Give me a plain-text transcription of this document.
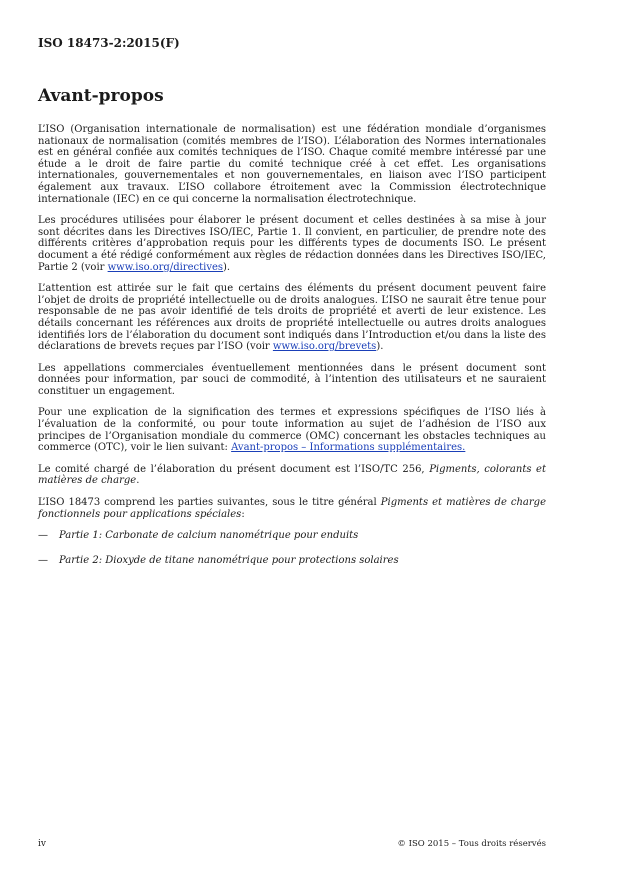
ISO 18473-2:2015(F)
Avant-propos

L’ISO (Organisation internationale de normalisation) est une fédération mondiale d’organismes nationaux de normalisation (comités membres de l’ISO). L’élaboration des Normes internationales est en général confiée aux comités techniques de l’ISO. Chaque comité membre intéressé par une étude a le droit de faire partie du comité technique créé à cet effet. Les organisations internationales, gouvernementales et non gouvernementales, en liaison avec l’ISO participent également aux travaux. L’ISO collabore étroitement avec la Commission électrotechnique internationale (IEC) en ce qui concerne la normalisation électrotechnique.

Les procédures utilisées pour élaborer le présent document et celles destinées à sa mise à jour sont décrites dans les Directives ISO/IEC, Partie 1. Il convient, en particulier, de prendre note des différents critères d’approbation requis pour les différents types de documents ISO. Le présent document a été rédigé conformément aux règles de rédaction données dans les Directives ISO/IEC, Partie 2 (voir www.iso.org/directives).

L’attention est attirée sur le fait que certains des éléments du présent document peuvent faire l’objet de droits de propriété intellectuelle ou de droits analogues. L’ISO ne saurait être tenue pour responsable de ne pas avoir identifié de tels droits de propriété et averti de leur existence. Les détails concernant les références aux droits de propriété intellectuelle ou autres droits analogues identifiés lors de l’élaboration du document sont indiqués dans l’Introduction et/ou dans la liste des déclarations de brevets reçues par l’ISO (voir www.iso.org/brevets).

Les appellations commerciales éventuellement mentionnées dans le présent document sont données pour information, par souci de commodité, à l’intention des utilisateurs et ne sauraient constituer un engagement.

Pour une explication de la signification des termes et expressions spécifiques de l’ISO liés à l’évaluation de la conformité, ou pour toute information au sujet de l’adhésion de l’ISO aux principes de l’Organisation mondiale du commerce (OMC) concernant les obstacles techniques au commerce (OTC), voir le lien suivant: Avant-propos – Informations supplémentaires.

Le comité chargé de l’élaboration du présent document est l’ISO/TC 256, Pigments, colorants et matières de charge.

L’ISO 18473 comprend les parties suivantes, sous le titre général Pigments et matières de charge fonctionnels pour applications spéciales:

—	Partie 1: Carbonate de calcium nanométrique pour enduits
—	Partie 2: Dioxyde de titane nanométrique pour protections solaires
iv	© ISO 2015 – Tous droits réservés
